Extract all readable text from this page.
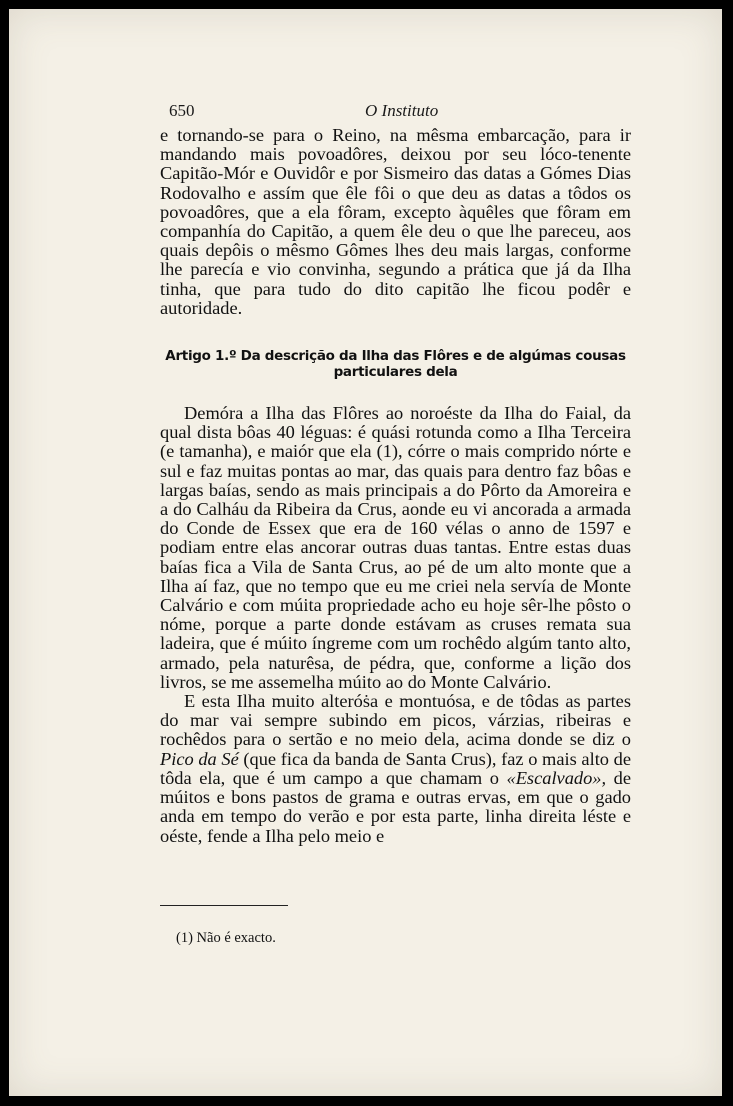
650	O Instituto

e tornando-se para o Reino, na mêsma embarcação, para ir mandando mais povoadôres, deixou por seu lóco-tenente Capitão-Mór e Ouvidôr e por Sismeiro das datas a Gómes Dias Rodovalho e assím que êle fôi o que deu as datas a tôdos os povoadôres, que a ela fôram, excepto àquêles que fôram em companhía do Capitão, a quem êle deu o que lhe pareceu, aos quais depôis o mêsmo Gômes lhes deu mais largas, conforme lhe parecía e vio convinha, segundo a prática que já da Ilha tinha, que para tudo do dito capitão lhe ficou podêr e autoridade.

Artigo 1.º Da descrição da Ilha das Flôres e de algúmas cousas
particulares dela

Demóra a Ilha das Flôres ao noroéste da Ilha do Faial, da qual dista bôas 40 léguas: é quási rotunda como a Ilha Terceira (e tamanha), e maiór que ela (1), córre o mais comprido nórte e sul e faz muitas pontas ao mar, das quais para dentro faz bôas e largas baías, sendo as mais principais a do Pôrto da Amoreira e a do Calháu da Ribeira da Crus, aonde eu vi ancorada a armada do Conde de Essex que era de 160 vélas o anno de 1597 e podiam entre elas ancorar outras duas tantas. Entre estas duas baías fica a Vila de Santa Crus, ao pé de um alto monte que a Ilha aí faz, que no tempo que eu me criei nela servía de Monte Calvário e com múita propriedade acho eu hoje sêr-lhe pôsto o nóme, porque a parte donde estávam as cruses remata sua ladeira, que é múito íngreme com um rochêdo algúm tanto alto, armado, pela naturêsa, de pédra, que, conforme a lição dos livros, se me assemelha múito ao do Monte Calvário.

E esta Ilha muito alteróṡa e montuósa, e de tôdas as partes do mar vai sempre subindo em picos, várzias, ribeiras e rochêdos para o sertão e no meio dela, acima donde se diz o Pico da Sé (que fica da banda de Santa Crus), faz o mais alto de tôda ela, que é um campo a que chamam o «Escalvado», de múitos e bons pastos de grama e outras ervas, em que o gado anda em tempo do verão e por esta parte, linha direita léste e oéste, fende a Ilha pelo meio e

(1) Não é exacto.
